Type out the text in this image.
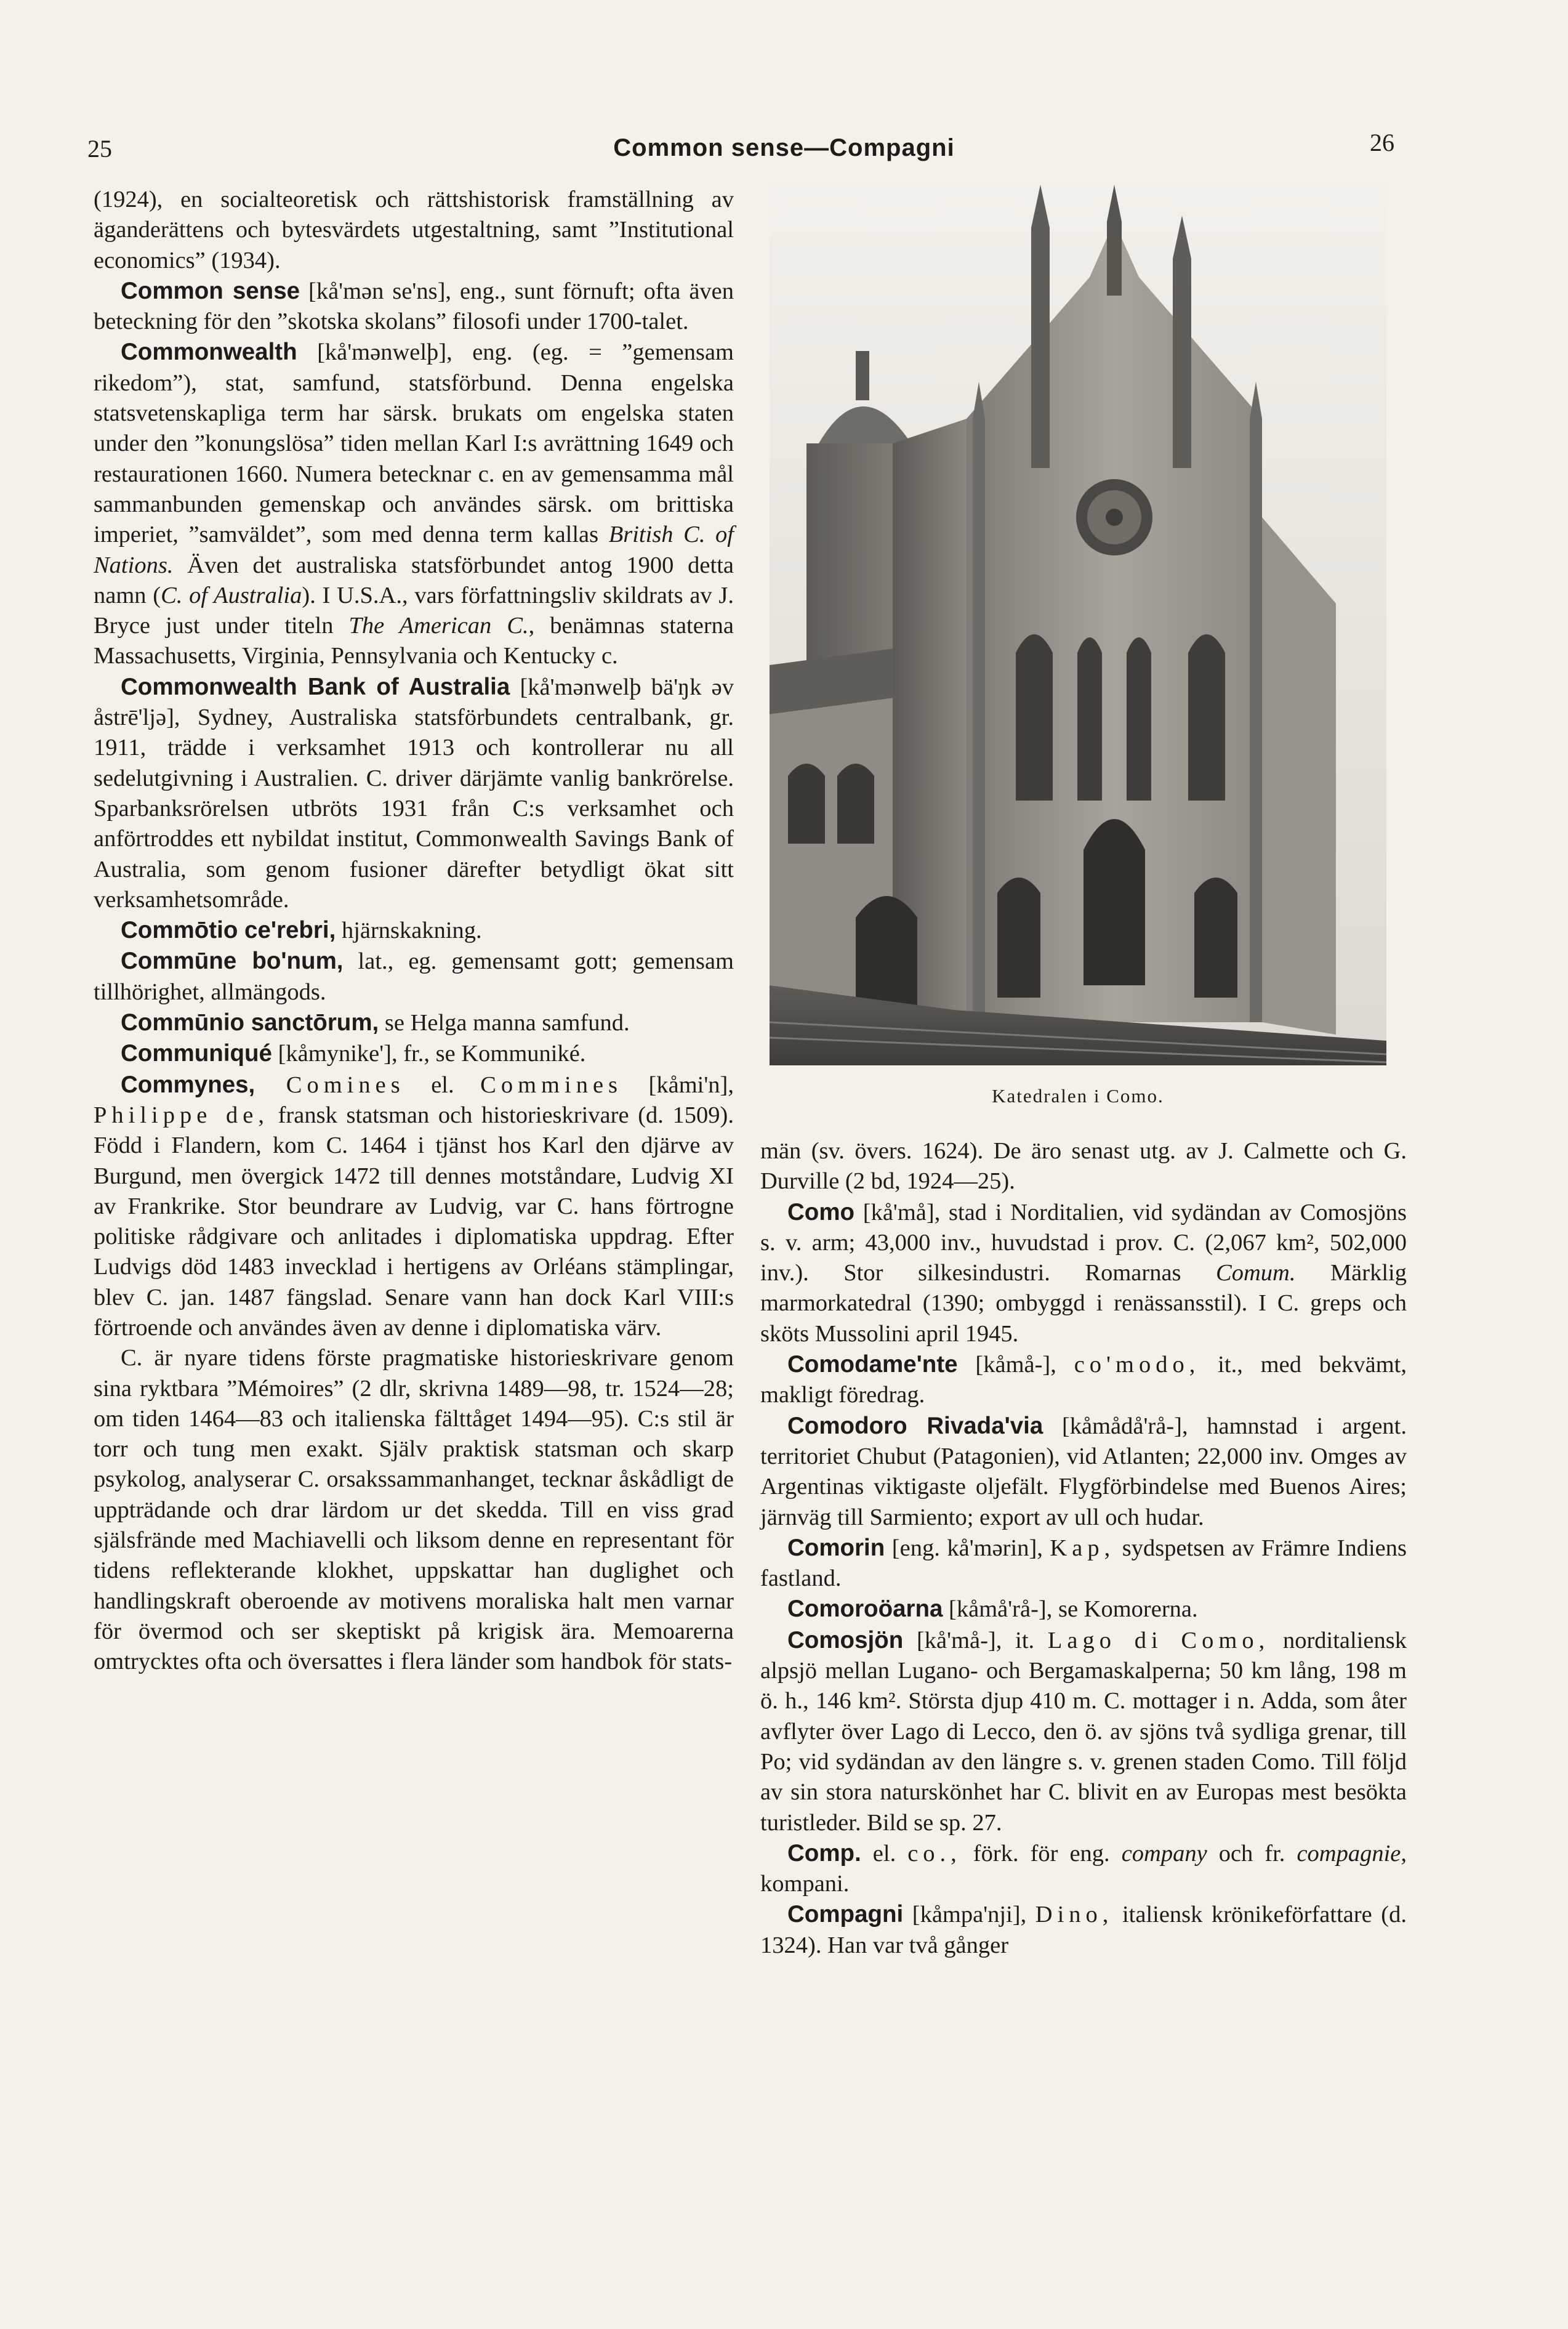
25	Common sense—Compagni	26

(1924), en socialteoretisk och rättshistorisk framställning av äganderättens och bytesvärdets utgestaltning, samt ”Institutional economics” (1934).

Common sense [kå'mən se'ns], eng., sunt förnuft; ofta även beteckning för den ”skotska skolans” filosofi under 1700-talet.

Commonwealth [kå'mənwelþ], eng. (eg. = ”gemensam rikedom”), stat, samfund, statsförbund. Denna engelska statsvetenskapliga term har särsk. brukats om engelska staten under den ”konungslösa” tiden mellan Karl I:s avrättning 1649 och restaurationen 1660. Numera betecknar c. en av gemensamma mål sammanbunden gemenskap och användes särsk. om brittiska imperiet, ”samväldet”, som med denna term kallas British C. of Nations. Även det australiska statsförbundet antog 1900 detta namn (C. of Australia). I U.S.A., vars författningsliv skildrats av J. Bryce just under titeln The American C., benämnas staterna Massachusetts, Virginia, Pennsylvania och Kentucky c.

Commonwealth Bank of Australia [kå'mənwelþ bä'ŋk əv åstrē'ljə], Sydney, Australiska statsförbundets centralbank, gr. 1911, trädde i verksamhet 1913 och kontrollerar nu all sedelutgivning i Australien. C. driver därjämte vanlig bankrörelse. Sparbanksrörelsen utbröts 1931 från C:s verksamhet och anförtroddes ett nybildat institut, Commonwealth Savings Bank of Australia, som genom fusioner därefter betydligt ökat sitt verksamhetsområde.

Commōtio ce'rebri, hjärnskakning.

Commūne bo'num, lat., eg. gemensamt gott; gemensam tillhörighet, allmängods.

Commūnio sanctōrum, se Helga manna samfund.

Communiqué [kåmynike'], fr., se Kommuniké.

Commynes, Comines el. Commines [kåmi'n], Philippe de, fransk statsman och historieskrivare (d. 1509). Född i Flandern, kom C. 1464 i tjänst hos Karl den djärve av Burgund, men övergick 1472 till dennes motståndare, Ludvig XI av Frankrike. Stor beundrare av Ludvig, var C. hans förtrogne politiske rådgivare och anlitades i diplomatiska uppdrag. Efter Ludvigs död 1483 invecklad i hertigens av Orléans stämplingar, blev C. jan. 1487 fängslad. Senare vann han dock Karl VIII:s förtroende och användes även av denne i diplomatiska värv.

C. är nyare tidens förste pragmatiske historieskrivare genom sina ryktbara ”Mémoires” (2 dlr, skrivna 1489—98, tr. 1524—28; om tiden 1464—83 och italienska fälttåget 1494—95). C:s stil är torr och tung men exakt. Själv praktisk statsman och skarp psykolog, analyserar C. orsakssammanhanget, tecknar åskådligt de uppträdande och drar lärdom ur det skedda. Till en viss grad själsfrände med Machiavelli och liksom denne en representant för tidens reflekterande klokhet, uppskattar han duglighet och handlingskraft oberoende av motivens moraliska halt men varnar för övermod och ser skeptiskt på krigisk ära. Memoarerna omtrycktes ofta och översattes i flera länder som handbok för stats-

Katedralen i Como.

män (sv. övers. 1624). De äro senast utg. av J. Calmette och G. Durville (2 bd, 1924—25).

Como [kå'må], stad i Norditalien, vid sydändan av Comosjöns s. v. arm; 43,000 inv., huvudstad i prov. C. (2,067 km², 502,000 inv.). Stor silkesindustri. Romarnas Comum. Märklig marmorkatedral (1390; ombyggd i renässansstil). I C. greps och sköts Mussolini april 1945.

Comodame'nte [kåmå-], co'modo, it., med bekvämt, makligt föredrag.

Comodoro Rivada'via [kåmådå'rå-], hamnstad i argent. territoriet Chubut (Patagonien), vid Atlanten; 22,000 inv. Omges av Argentinas viktigaste oljefält. Flygförbindelse med Buenos Aires; järnväg till Sarmiento; export av ull och hudar.

Comorin [eng. kå'mərin], Kap, sydspetsen av Främre Indiens fastland.

Comoroöarna [kåmå'rå-], se Komorerna.

Comosjön [kå'må-], it. Lago di Como, norditaliensk alpsjö mellan Lugano- och Bergamaskalperna; 50 km lång, 198 m ö. h., 146 km². Största djup 410 m. C. mottager i n. Adda, som åter avflyter över Lago di Lecco, den ö. av sjöns två sydliga grenar, till Po; vid sydändan av den längre s. v. grenen staden Como. Till följd av sin stora naturskönhet har C. blivit en av Europas mest besökta turistleder. Bild se sp. 27.

Comp. el. co., förk. för eng. company och fr. compagnie, kompani.

Compagni [kåmpa'nji], Dino, italiensk krönikeförfattare (d. 1324). Han var två gånger
